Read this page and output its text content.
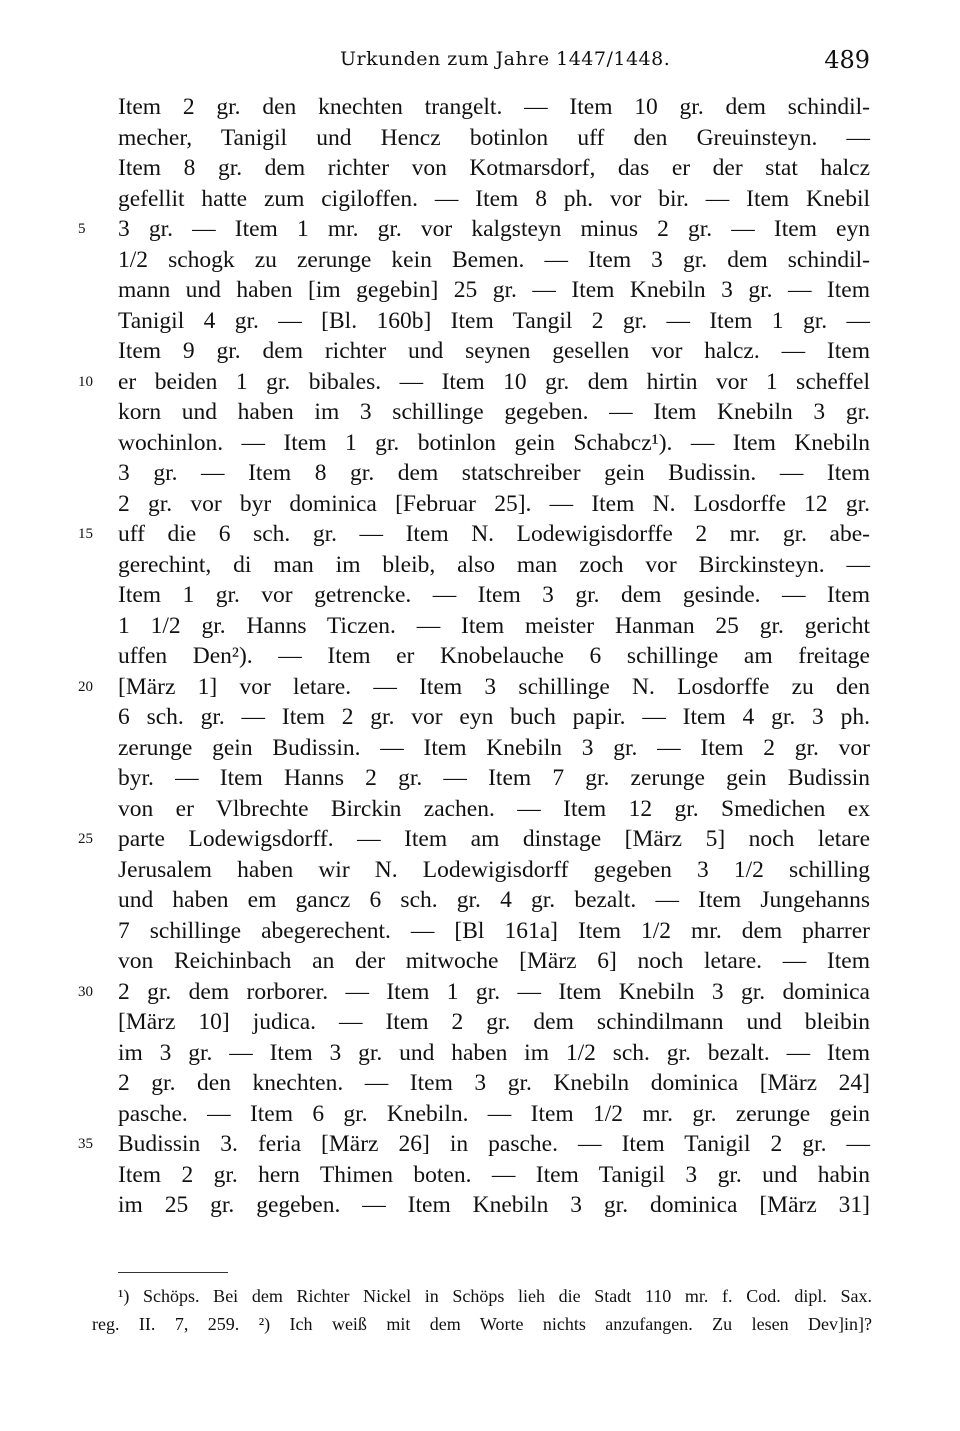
Urkunden zum Jahre 1447/1448.	489
Item 2 gr. den knechten trangelt. — Item 10 gr. dem schindil-
mecher, Tanigil und Hencz botinlon uff den Greuinsteyn. —
Item 8 gr. dem richter von Kotmarsdorf, das er der stat halcz
gefellit hatte zum cigiloffen. — Item 8 ph. vor bir. — Item Knebil
5	3 gr. — Item 1 mr. gr. vor kalgsteyn minus 2 gr. — Item eyn
1/2 schogk zu zerunge kein Bemen. — Item 3 gr. dem schindil-
mann und haben [im gegebin] 25 gr. — Item Knebiln 3 gr. — Item
Tanigil 4 gr. — [Bl. 160b] Item Tangil 2 gr. — Item 1 gr. —
Item 9 gr. dem richter und seynen gesellen vor halcz. — Item
10	er beiden 1 gr. bibales. — Item 10 gr. dem hirtin vor 1 scheffel
korn und haben im 3 schillinge gegeben. — Item Knebiln 3 gr.
wochinlon. — Item 1 gr. botinlon gein Schabcz¹). — Item Knebiln
3 gr. — Item 8 gr. dem statschreiber gein Budissin. — Item
2 gr. vor byr dominica [Februar 25]. — Item N. Losdorffe 12 gr.
15	uff die 6 sch. gr. — Item N. Lodewigisdorffe 2 mr. gr. abe-
gerechint, di man im bleib, also man zoch vor Birckinsteyn. —
Item 1 gr. vor getrencke. — Item 3 gr. dem gesinde. — Item
1 1/2 gr. Hanns Ticzen. — Item meister Hanman 25 gr. gericht
uffen Den²). — Item er Knobelauche 6 schillinge am freitage
20	[März 1] vor letare. — Item 3 schillinge N. Losdorffe zu den
6 sch. gr. — Item 2 gr. vor eyn buch papir. — Item 4 gr. 3 ph.
zerunge gein Budissin. — Item Knebiln 3 gr. — Item 2 gr. vor
byr. — Item Hanns 2 gr. — Item 7 gr. zerunge gein Budissin
von er Vlbrechte Birckin zachen. — Item 12 gr. Smedichen ex
25	parte Lodewigsdorff. — Item am dinstage [März 5] noch letare
Jerusalem haben wir N. Lodewigisdorff gegeben 3 1/2 schilling
und haben em gancz 6 sch. gr. 4 gr. bezalt. — Item Jungehanns
7 schillinge abegerechent. — [Bl 161a] Item 1/2 mr. dem pharrer
von Reichinbach an der mitwoche [März 6] noch letare. — Item
30	2 gr. dem rorborer. — Item 1 gr. — Item Knebiln 3 gr. dominica
[März 10] judica. — Item 2 gr. dem schindilmann und bleibin
im 3 gr. — Item 3 gr. und haben im 1/2 sch. gr. bezalt. — Item
2 gr. den knechten. — Item 3 gr. Knebiln dominica [März 24]
pasche. — Item 6 gr. Knebiln. — Item 1/2 mr. gr. zerunge gein
35	Budissin 3. feria [März 26] in pasche. — Item Tanigil 2 gr. —
Item 2 gr. hern Thimen boten. — Item Tanigil 3 gr. und habin
im 25 gr. gegeben. — Item Knebiln 3 gr. dominica [März 31]
¹) Schöps. Bei dem Richter Nickel in Schöps lieh die Stadt 110 mr. f. Cod. dipl. Sax.
reg. II. 7, 259. ²) Ich weiß mit dem Worte nichts anzufangen. Zu lesen Dev]in]?
